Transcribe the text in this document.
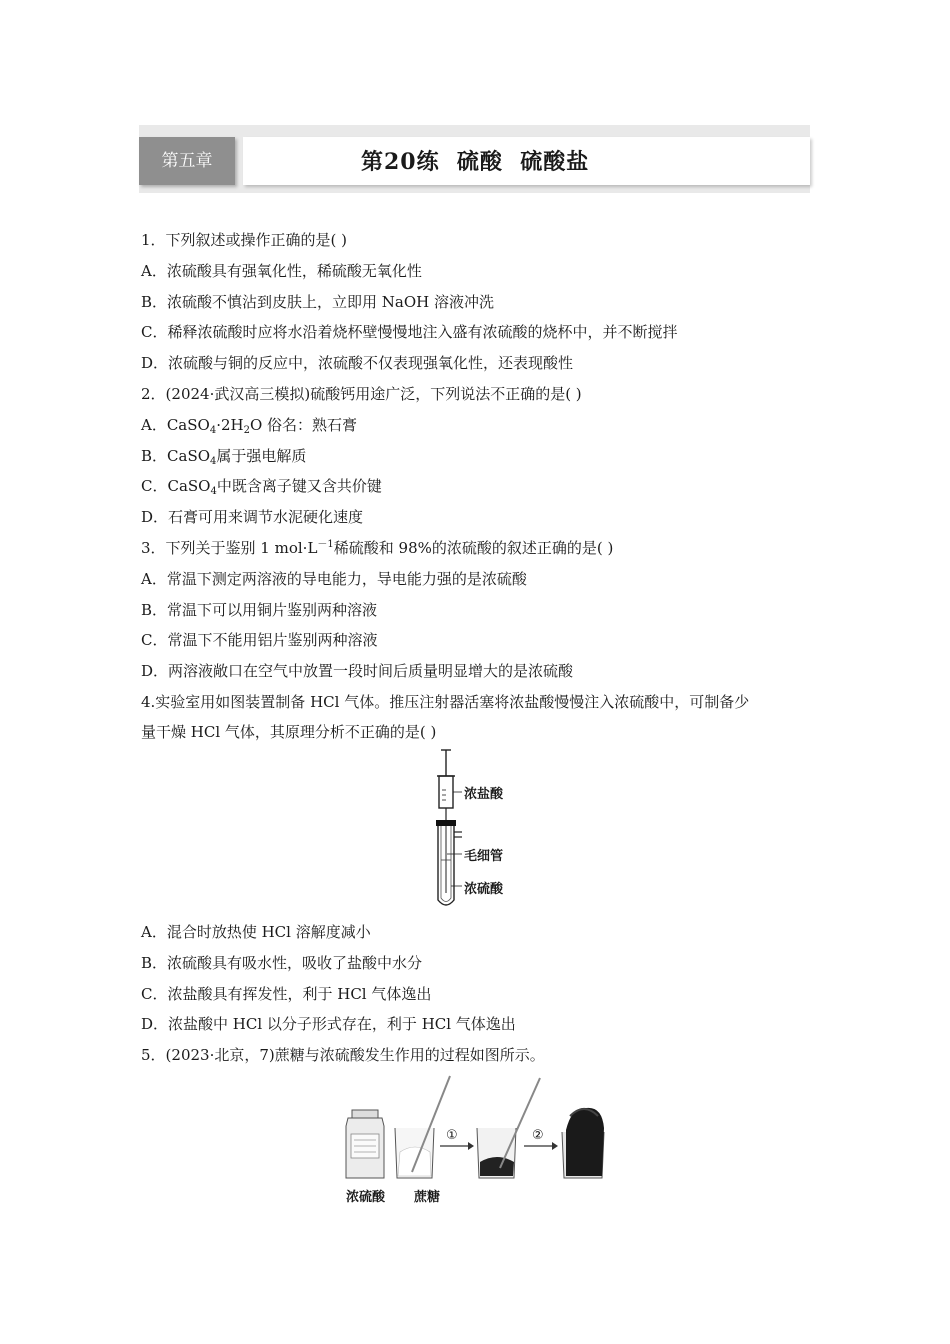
第五章	第20练  硫酸  硫酸盐
1．下列叙述或操作正确的是( )
A．浓硫酸具有强氧化性，稀硫酸无氧化性
B．浓硫酸不慎沾到皮肤上，立即用 NaOH 溶液冲洗
C．稀释浓硫酸时应将水沿着烧杯壁慢慢地注入盛有浓硫酸的烧杯中，并不断搅拌
D．浓硫酸与铜的反应中，浓硫酸不仅表现强氧化性，还表现酸性
2．(2024·武汉高三模拟)硫酸钙用途广泛，下列说法不正确的是( )
A．$CaSO_4\cdot 2H_2O$ 俗名：熟石膏
B．CaSO$_4$属于强电解质
C．CaSO$_4$中既含离子键又含共价键
D．石膏可用来调节水泥硬化速度
3．下列关于鉴别 1 $mol\cdot L^{-1}$稀硫酸和 98%的浓硫酸的叙述正确的是( )
A．常温下测定两溶液的导电能力，导电能力强的是浓硫酸
B．常温下可以用铜片鉴别两种溶液
C．常温下不能用铝片鉴别两种溶液
D．两溶液敞口在空气中放置一段时间后质量明显增大的是浓硫酸
4.实验室用如图装置制备 HCl 气体。推压注射器活塞将浓盐酸慢慢注入浓硫酸中，可制备少
量干燥 HCl 气体，其原理分析不正确的是( )
浓盐酸
毛细管
浓硫酸
A．混合时放热使 HCl 溶解度减小
B．浓硫酸具有吸水性，吸收了盐酸中水分
C．浓盐酸具有挥发性，利于 HCl 气体逸出
D．浓盐酸中 HCl 以分子形式存在，利于 HCl 气体逸出
5．(2023·北京，7)蔗糖与浓硫酸发生作用的过程如图所示。
浓硫酸 蔗糖
①	②
